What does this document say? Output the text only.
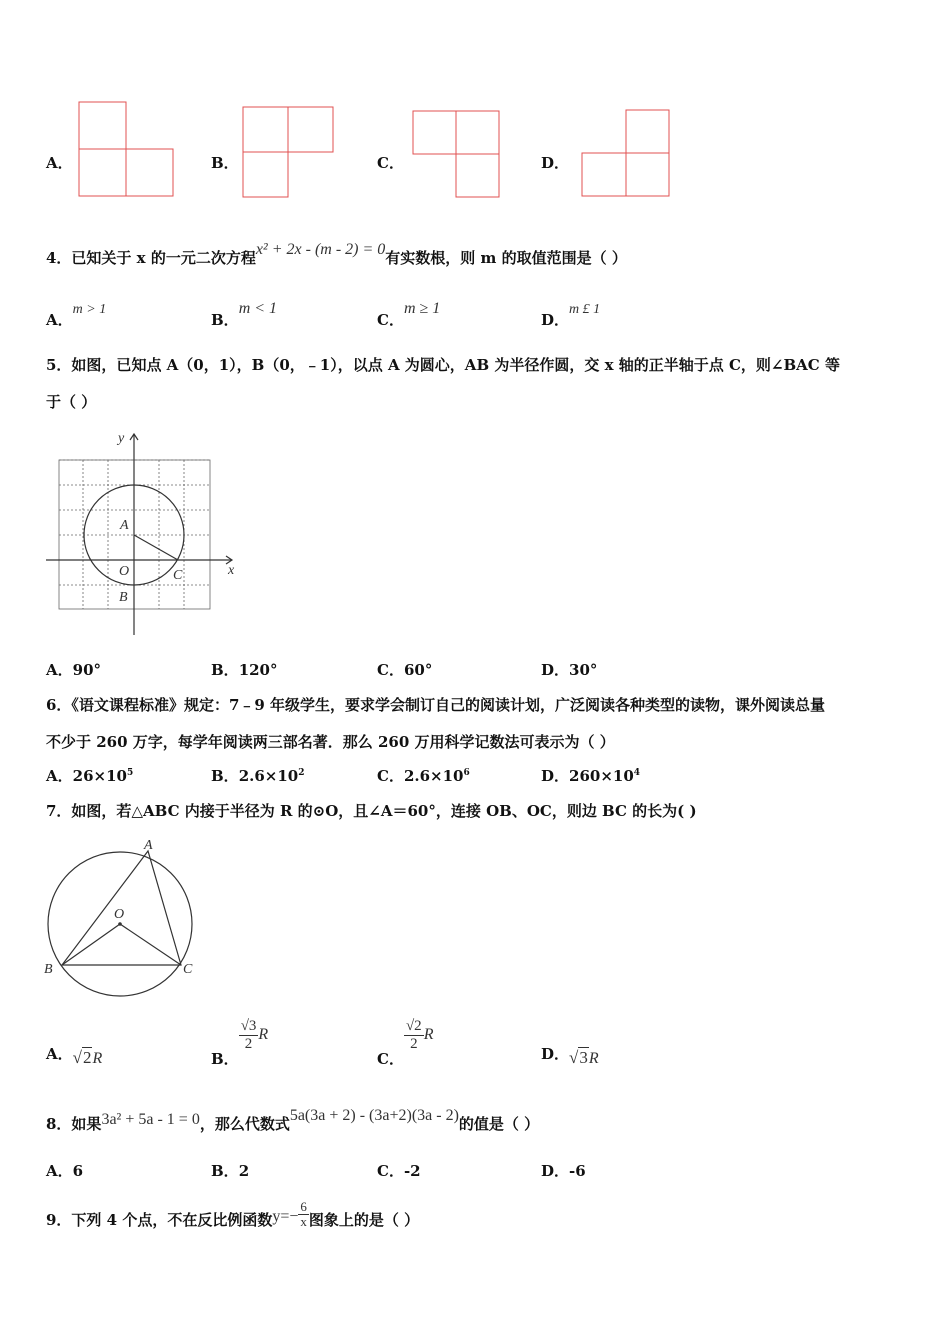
A．	B．	C．	D．
4．已知关于 x 的一元二次方程x² + 2x - (m - 2) = 0有实数根，则 m 的取值范围是（ ）
A．m > 1
B．m < 1
C．m ≥ 1
D．m £ 1
5．如图，已知点 A（0，1），B（0，﹣1），以点 A 为圆心，AB 为半径作圆，交 x 轴的正半轴于点 C，则∠BAC 等
于（ ）
y
x
A
O
B
C
A．90°	B．120°	C．60°	D．30°
6．《语文课程标准》规定：7﹣9 年级学生，要求学会制订自己的阅读计划，广泛阅读各种类型的读物，课外阅读总量
不少于 260 万字，每学年阅读两三部名著．那么 260 万用科学记数法可表示为（ ）
A．$26\times 10^5$	B．$2.6\times 10^2$	C．$2.6\times 10^6$	D．$260\times 10^4$
7．如图，若△ABC 内接于半径为 R 的⊙O，且∠A＝60°，连接 OB、OC，则边 BC 的长为( )
A
O
B	C
A．√2R	B．
$\frac{√3}{2}$ R
C．
$\frac{√2}{2}$ R
D．√3R
8．如果3a² + 5a - 1 = 0，那么代数式5a(3a + 2) - (3a+2)(3a - 2)的值是（ ）
A．6	B．2	C．-2	D．-6
9．下列 4 个点，不在反比例函数$y=- \frac{6}{x}$ 图象上的是（ ）
